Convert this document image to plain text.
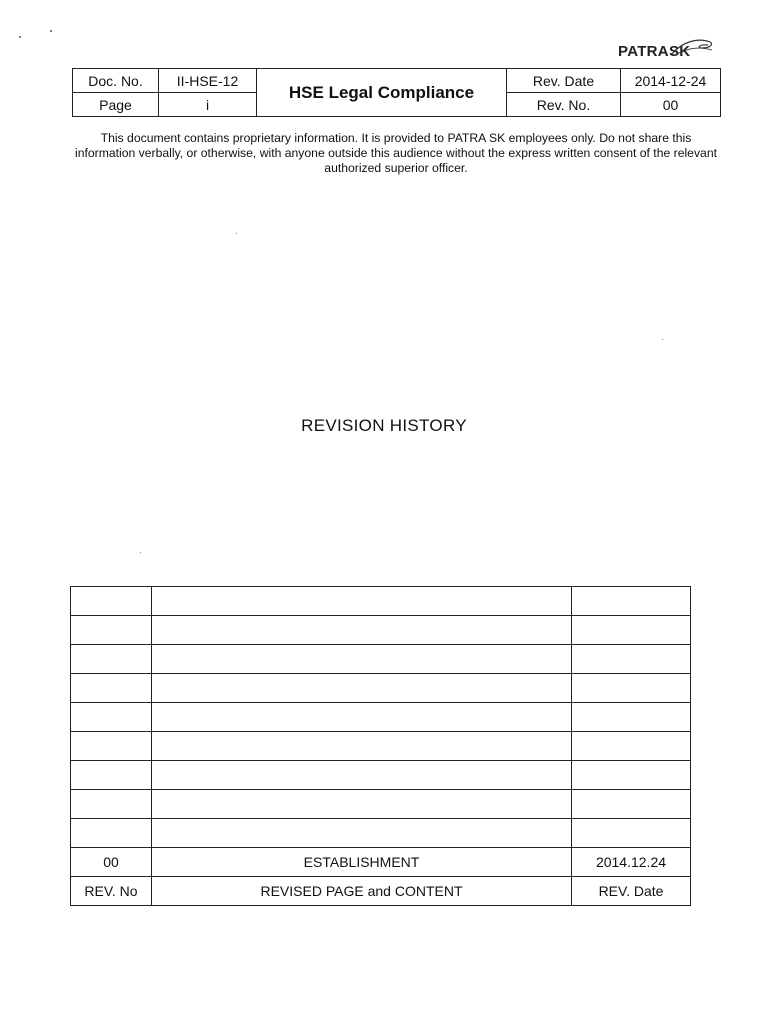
PATRASK
Doc. No.	II-HSE-12	HSE Legal Compliance	Rev. Date	2014-12-24
Page	i		Rev. No.	00
This document contains proprietary information. It is provided to PATRA SK employees only. Do not share this information verbally, or otherwise, with anyone outside this audience without the express written consent of the relevant authorized superior officer.
REVISION HISTORY

00	ESTABLISHMENT	2014.12.24
REV. No	REVISED PAGE and CONTENT	REV. Date
